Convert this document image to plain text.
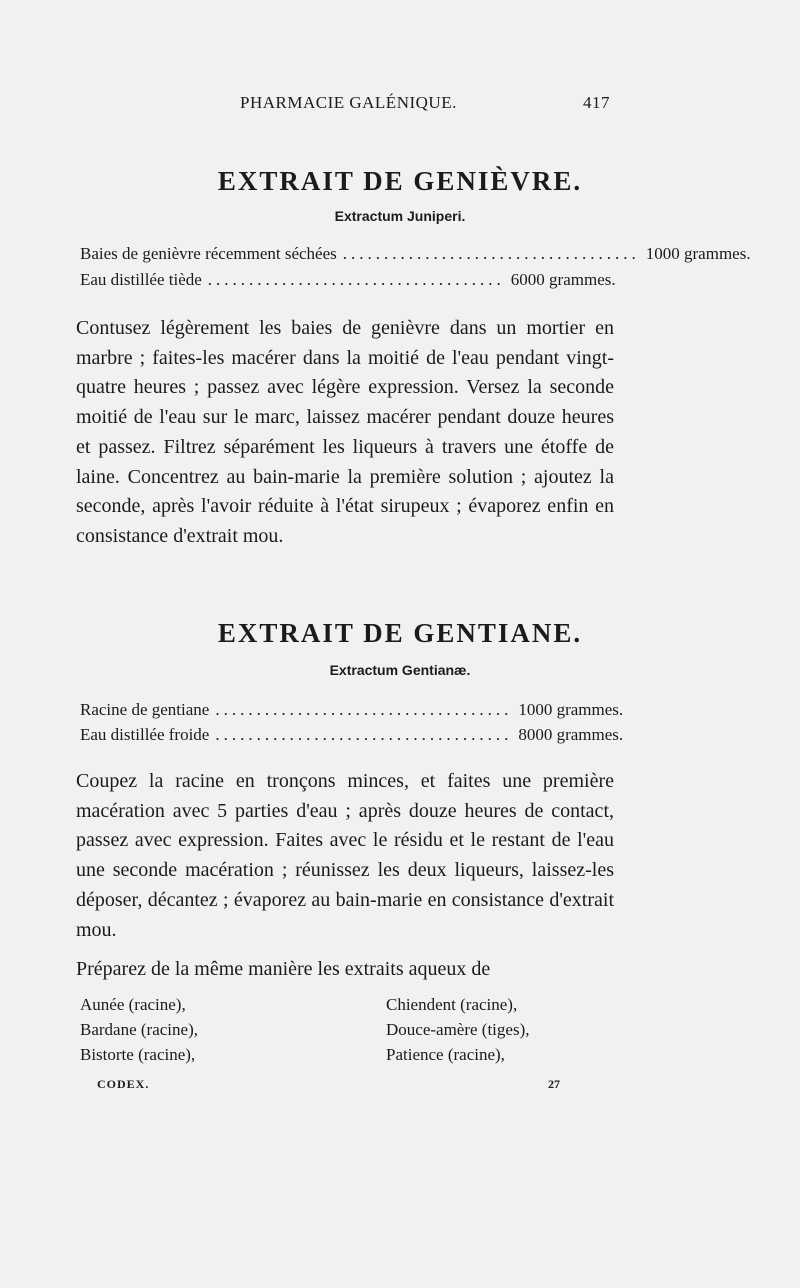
PHARMACIE GALÉNIQUE.	417
EXTRAIT DE GENIÈVRE.
Extractum Juniperi.
Baies de genièvre récemment séchées .................................... 1000 grammes.
Eau distillée tiède .................................... 6000 grammes.

Contusez légèrement les baies de genièvre dans un mortier en marbre ; faites-les macérer dans la moitié de l'eau pendant vingt-quatre heures ; passez avec légère expression. Versez la seconde moitié de l'eau sur le marc, laissez macérer pendant douze heures et passez. Filtrez séparément les liqueurs à travers une étoffe de laine. Concentrez au bain-marie la première solution ; ajoutez la seconde, après l'avoir réduite à l'état sirupeux ; évaporez enfin en consistance d'extrait mou.

EXTRAIT DE GENTIANE.
Extractum Gentianæ.
Racine de gentiane .................................... 1000 grammes.
Eau distillée froide .................................... 8000 grammes.

Coupez la racine en tronçons minces, et faites une première macération avec 5 parties d'eau ; après douze heures de contact, passez avec expression. Faites avec le résidu et le restant de l'eau une seconde macération ; réunissez les deux liqueurs, laissez-les déposer, décantez ; évaporez au bain-marie en consistance d'extrait mou.

Préparez de la même manière les extraits aqueux de

Aunée (racine),	Chiendent (racine),
Bardane (racine),	Douce-amère (tiges),
Bistorte (racine),	Patience (racine),
CODEX.	27
